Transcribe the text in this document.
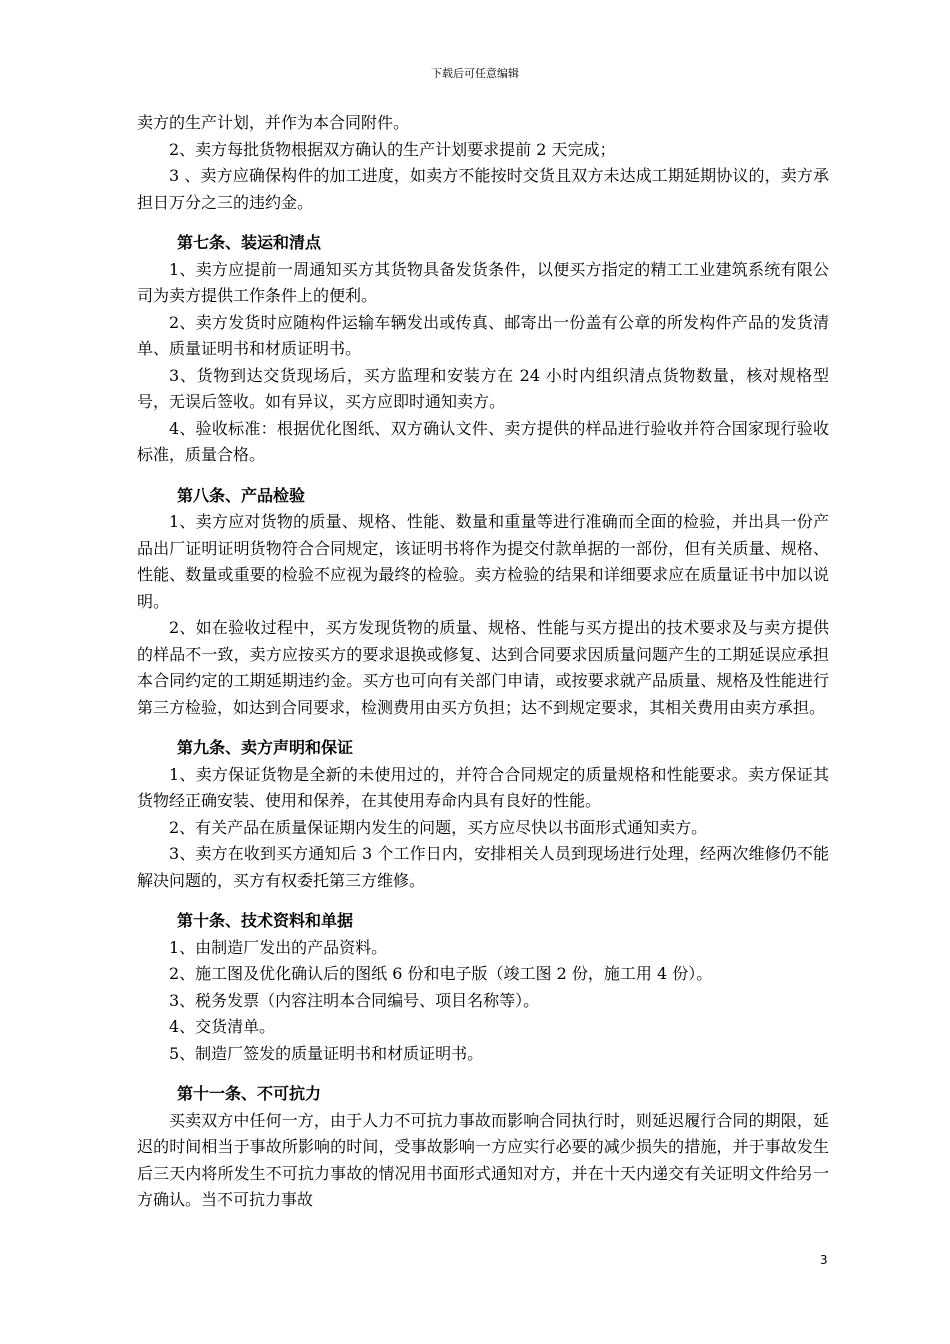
下载后可任意编辑

卖方的生产计划，并作为本合同附件。

2、卖方每批货物根据双方确认的生产计划要求提前 2 天完成；

3 、卖方应确保构件的加工进度，如卖方不能按时交货且双方未达成工期延期协议的，卖方承担日万分之三的违约金。

第七条、装运和清点

1、卖方应提前一周通知买方其货物具备发货条件，以便买方指定的精工工业建筑系统有限公司为卖方提供工作条件上的便利。

2、卖方发货时应随构件运输车辆发出或传真、邮寄出一份盖有公章的所发构件产品的发货清单、质量证明书和材质证明书。

3、货物到达交货现场后，买方监理和安装方在 24 小时内组织清点货物数量，核对规格型号，无误后签收。如有异议，买方应即时通知卖方。

4、验收标准：根据优化图纸、双方确认文件、卖方提供的样品进行验收并符合国家现行验收标准，质量合格。

第八条、产品检验

1、卖方应对货物的质量、规格、性能、数量和重量等进行准确而全面的检验，并出具一份产品出厂证明证明货物符合合同规定，该证明书将作为提交付款单据的一部份，但有关质量、规格、性能、数量或重要的检验不应视为最终的检验。卖方检验的结果和详细要求应在质量证书中加以说明。

2、如在验收过程中，买方发现货物的质量、规格、性能与买方提出的技术要求及与卖方提供的样品不一致，卖方应按买方的要求退换或修复、达到合同要求因质量问题产生的工期延误应承担本合同约定的工期延期违约金。买方也可向有关部门申请，或按要求就产品质量、规格及性能进行第三方检验，如达到合同要求，检测费用由买方负担；达不到规定要求，其相关费用由卖方承担。

第九条、卖方声明和保证

1、卖方保证货物是全新的未使用过的，并符合合同规定的质量规格和性能要求。卖方保证其货物经正确安装、使用和保养，在其使用寿命内具有良好的性能。

2、有关产品在质量保证期内发生的问题，买方应尽快以书面形式通知卖方。

3、卖方在收到买方通知后 3 个工作日内，安排相关人员到现场进行处理，经两次维修仍不能解决问题的，买方有权委托第三方维修。

第十条、技术资料和单据

1、由制造厂发出的产品资料。

2、施工图及优化确认后的图纸 6 份和电子版（竣工图 2 份，施工用 4 份）。

3、税务发票（内容注明本合同编号、项目名称等）。

4、交货清单。

5、制造厂签发的质量证明书和材质证明书。

第十一条、不可抗力

买卖双方中任何一方，由于人力不可抗力事故而影响合同执行时，则延迟履行合同的期限，延迟的时间相当于事故所影响的时间，受事故影响一方应实行必要的减少损失的措施，并于事故发生后三天内将所发生不可抗力事故的情况用书面形式通知对方，并在十天内递交有关证明文件给另一方确认。当不可抗力事故

3
